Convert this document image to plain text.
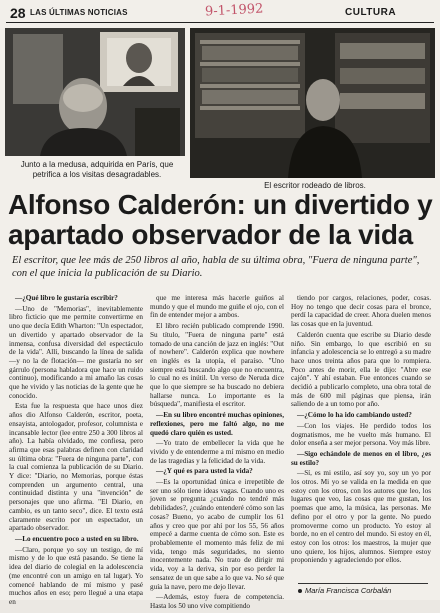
28 LAS ÚLTIMAS NOTICIAS	9-1-1992	CULTURA
Junto a la medusa, adquirida en París, que petrifica a los visitas desagradables.
El escritor rodeado de libros.
Alfonso Calderón: un divertido y apartado observador de la vida
El escritor, que lee más de 250 libros al año, habla de su última obra, "Fuera de ninguna parte", con el que inicia la publicación de su Diario.

—¿Qué libro le gustaría escribir?

—Uno de "Memorias", inevitablemente libro ficticio que me permite convertirme en uno que decía Edith Wharton: "Un espectador, un divertido y apartado observador de la inmensa, confusa diversidad del espectáculo de la vida". Allí, buscando la línea de salida —y no la de flotación— me gustaría no ser gárrulo (persona habladora que hace un ruido continuo), modificando a mi amaño las cosas que he vivido y las noticias de la gente que he conocido.

Esta fue la respuesta que hace unos diez años dio Alfonso Calderón, escritor, poeta, ensayista, antologador, profesor, columnista e incansable lector (lee entre 250 a 300 libros al año). La había olvidado, me confiesa, pero afirma que esas palabras definen con claridad su última obra: "Fuera de ninguna parte", con la cual comienza la publicación de su Diario. Y dice: "Diario, no Memorias, porque éstas comprenden un argumento central, una continuidad distinta y una "invención" de personajes que uno afirma. "El Diario, en cambio, es un tanto seco", dice. El texto está claramente escrito por un espectador, un apartado observador.

—Lo encuentro poco a usted en su libro.

—Claro, porque yo soy un testigo, de mí mismo y de lo que está pasando. Se tiene la idea del diario de colegial en la adolescencia (me encontré con un amigo en tal lugar). Yo comencé hablando de mí mismo y pasé muchos años en eso; pero llegué a una etapa en

que me interesa más hacerle guiños al mundo y que el mundo me guiñe el ojo, con el fin de entender mejor a ambos.

El libro recién publicado comprende 1990. Su título, "Fuera de ninguna parte" está tomado de una canción de jazz en inglés: "Out of nowhere". Calderón explica que nowhere en inglés es la utopía, el paraíso. "Uno siempre está buscando algo que no encuentra, lo cual no es inútil. Un verso de Neruda dice que lo que siempre se ha buscado no debiera hallarse nunca. Lo importante es la búsqueda", manifiesta el escritor.

—En su libro encontré muchas opiniones, reflexiones, pero me faltó algo, no me quedó claro quién es usted.

—Yo trato de embellecer la vida que he vivido y de entenderme a mí mismo en medio de las tragedias y la felicidad de la vida.

—¿Y qué es para usted la vida?

—Es la oportunidad única e irrepetible de ser uno sólo tiene ideas vagas. Cuando uno es joven se pregunta ¿cuándo no tendré más debilidades?, ¿cuándo entenderé cómo son las cosas? Bueno, yo acabo de cumplir los 61 años y creo que por ahí por los 55, 56 años empecé a darme cuenta de cómo son. Este es probablemente el momento más feliz de mi vida, tengo más seguridades, no siento inocentemente nada. No trato de dirigir mi vida, voy a la deriva, sin por eso perder la sensatez de un que sabe a lo que va. No sé que guía la nave, pero me dejo llevar.

—Además, estoy fuera de competencia. Hasta los 50 uno vive compitiendo

tiendo por cargos, relaciones, poder, cosas. Hoy no tengo que decir cosas para el bronce, perdí la capacidad de creer. Ahora duelen menos las cosas que en la juventud.

Calderón cuenta que escribe su Diario desde niño. Sin embargo, lo que escribió en su infancia y adolescencia se lo entregó a su madre hace unos treinta años para que lo rompiera. Poco antes de morir, ella le dijo: "Abre ese cajón". Y ahí estaban. Fue entonces cuando se decidió a publicarlo completo, una obra total de más de 600 mil páginas que piensa, irán saliendo de a un tomo por año.

—¿Cómo lo ha ido cambiando usted?

—Con los viajes. He perdido todos los dogmatismos, me he vuelto más humano. El dolor enseña a ser mejor persona. Voy más libre.

—Sigo echándole de menos en el libro, ¿es su estilo?

—Sí, es mi estilo, así soy yo, soy un yo por los otros. Mi yo se valida en la medida en que estoy con los otros, con los autores que leo, los lugares que veo, las cosas que me gustan, los poemas que amo, la música, las personas. Me defino por el otro y por la gente. No puedo promoverme como un producto. Yo estoy al borde, no en el centro del mundo. Si estoy en él, estoy con los otros: los maestros, la mujer que uno quiere, los hijos, alumnos. Siempre estoy proponiendo y agradeciendo por ellos.

María Francisca Corbalán
